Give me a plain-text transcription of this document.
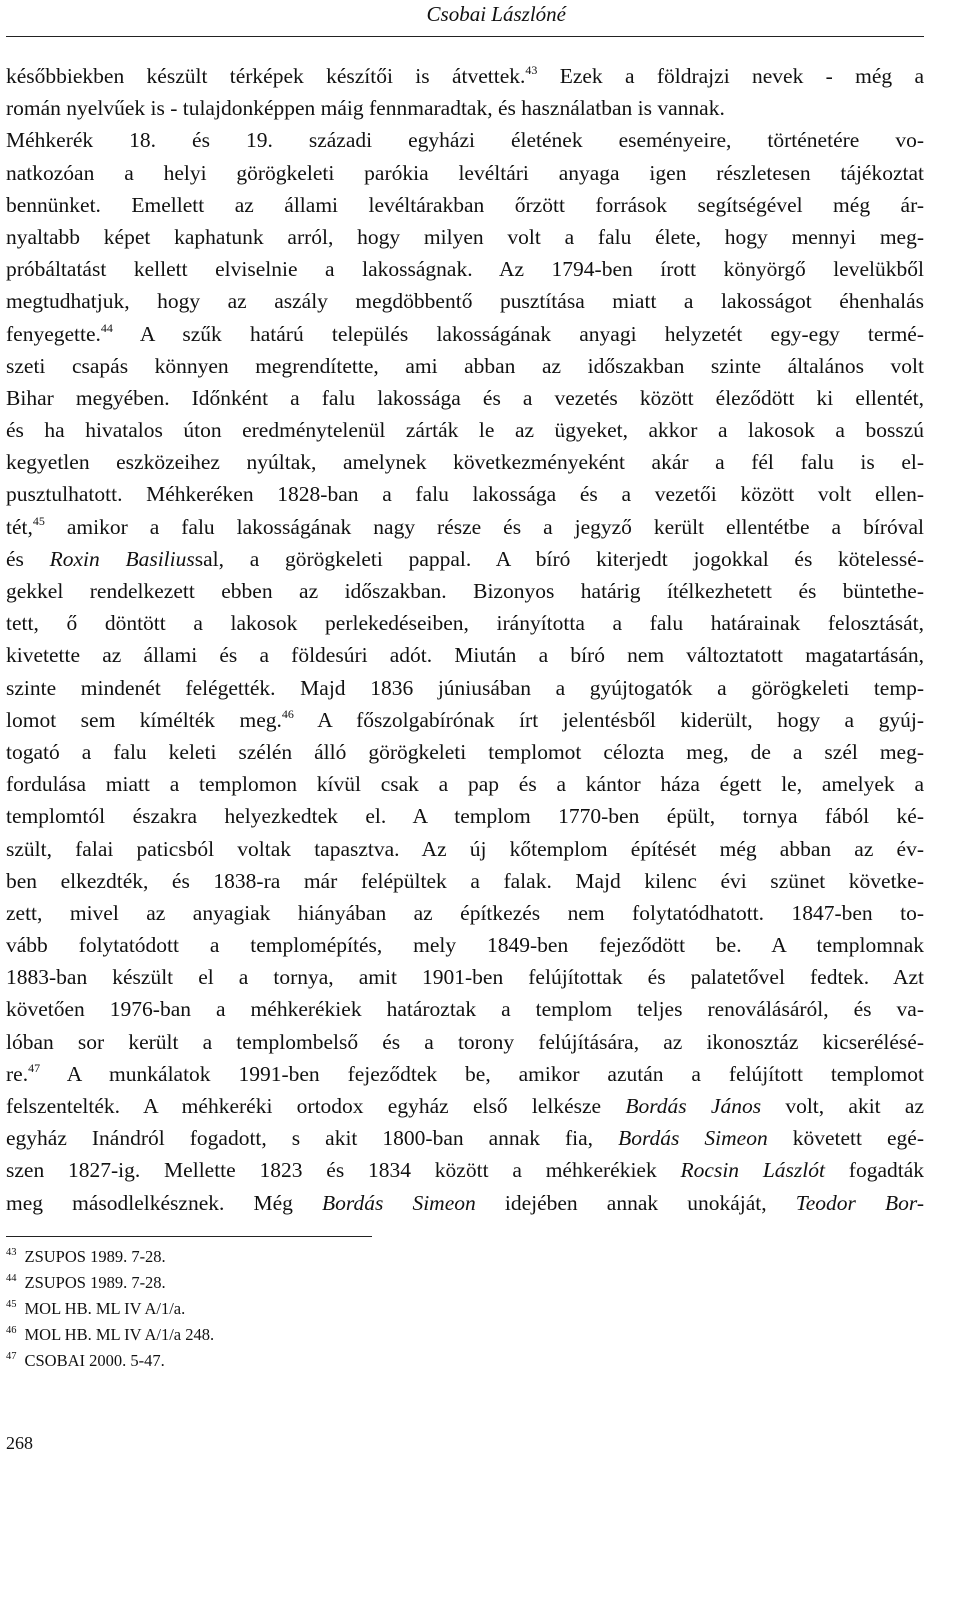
Csobai Lászlóné
későbbiekben készült térképek készítői is átvettek.$^{43}$ Ezek a földrajzi nevek - még a
román nyelvűek is - tulajdonképpen máig fennmaradtak, és használatban is vannak.
Méhkerék 18. és 19. századi egyházi életének eseményeire, történetére vo-
natkozóan a helyi görögkeleti parókia levéltári anyaga igen részletesen tájékoztat
bennünket. Emellett az állami levéltárakban őrzött források segítségével még ár-
nyaltabb képet kaphatunk arról, hogy milyen volt a falu élete, hogy mennyi meg-
próbáltatást kellett elviselnie a lakosságnak. Az 1794-ben írott könyörgő levelükből
megtudhatjuk, hogy az aszály megdöbbentő pusztítása miatt a lakosságot éhenhalás
fenyegette.$^{44}$ A szűk határú település lakosságának anyagi helyzetét egy-egy termé-
szeti csapás könnyen megrendítette, ami abban az időszakban szinte általános volt
Bihar megyében. Időnként a falu lakossága és a vezetés között éleződött ki ellentét,
és ha hivatalos úton eredménytelenül zárták le az ügyeket, akkor a lakosok a bosszú
kegyetlen eszközeihez nyúltak, amelynek következményeként akár a fél falu is el-
pusztulhatott. Méhkeréken 1828-ban a falu lakossága és a vezetői között volt ellen-
tét,$^{45}$ amikor a falu lakosságának nagy része és a jegyző került ellentétbe a bíróval
és Roxin Basiliussal, a görögkeleti pappal. A bíró kiterjedt jogokkal és kötelessé-
gekkel rendelkezett ebben az időszakban. Bizonyos határig ítélkezhetett és büntethe-
tett, ő döntött a lakosok perlekedéseiben, irányította a falu határainak felosztását,
kivetette az állami és a földesúri adót. Miután a bíró nem változtatott magatartásán,
szinte mindenét felégették. Majd 1836 júniusában a gyújtogatók a görögkeleti temp-
lomot sem kímélték meg.$^{46}$ A főszolgabírónak írt jelentésből kiderült, hogy a gyúj-
togató a falu keleti szélén álló görögkeleti templomot célozta meg, de a szél meg-
fordulása miatt a templomon kívül csak a pap és a kántor háza égett le, amelyek a
templomtól északra helyezkedtek el. A templom 1770-ben épült, tornya fából ké-
szült, falai paticsból voltak tapasztva. Az új kőtemplom építését még abban az év-
ben elkezdték, és 1838-ra már felépültek a falak. Majd kilenc évi szünet követke-
zett, mivel az anyagiak hiányában az építkezés nem folytatódhatott. 1847-ben to-
vább folytatódott a templomépítés, mely 1849-ben fejeződött be. A templomnak
1883-ban készült el a tornya, amit 1901-ben felújítottak és palatetővel fedtek. Azt
követően 1976-ban a méhkerékiek határoztak a templom teljes renoválásáról, és va-
lóban sor került a templombelső és a torony felújítására, az ikonosztáz kicserélésé-
re.$^{47}$ A munkálatok 1991-ben fejeződtek be, amikor azután a felújított templomot
felszentelték. A méhkeréki ortodox egyház első lelkésze Bordás János volt, akit az
egyház Inándról fogadott, s akit 1800-ban annak fia, Bordás Simeon követett egé-
szen 1827-ig. Mellette 1823 és 1834 között a méhkerékiek Rocsin Lászlót fogadták
meg másodlelkésznek. Még Bordás Simeon idejében annak unokáját, Teodor Bor-
$^{43}$ ZSUPOS 1989. 7-28.
$^{44}$ ZSUPOS 1989. 7-28.
$^{45}$ MOL HB. ML IV A/1/a.
$^{46}$ MOL HB. ML IV A/1/a 248.
$^{47}$ CSOBAI 2000. 5-47.
268
